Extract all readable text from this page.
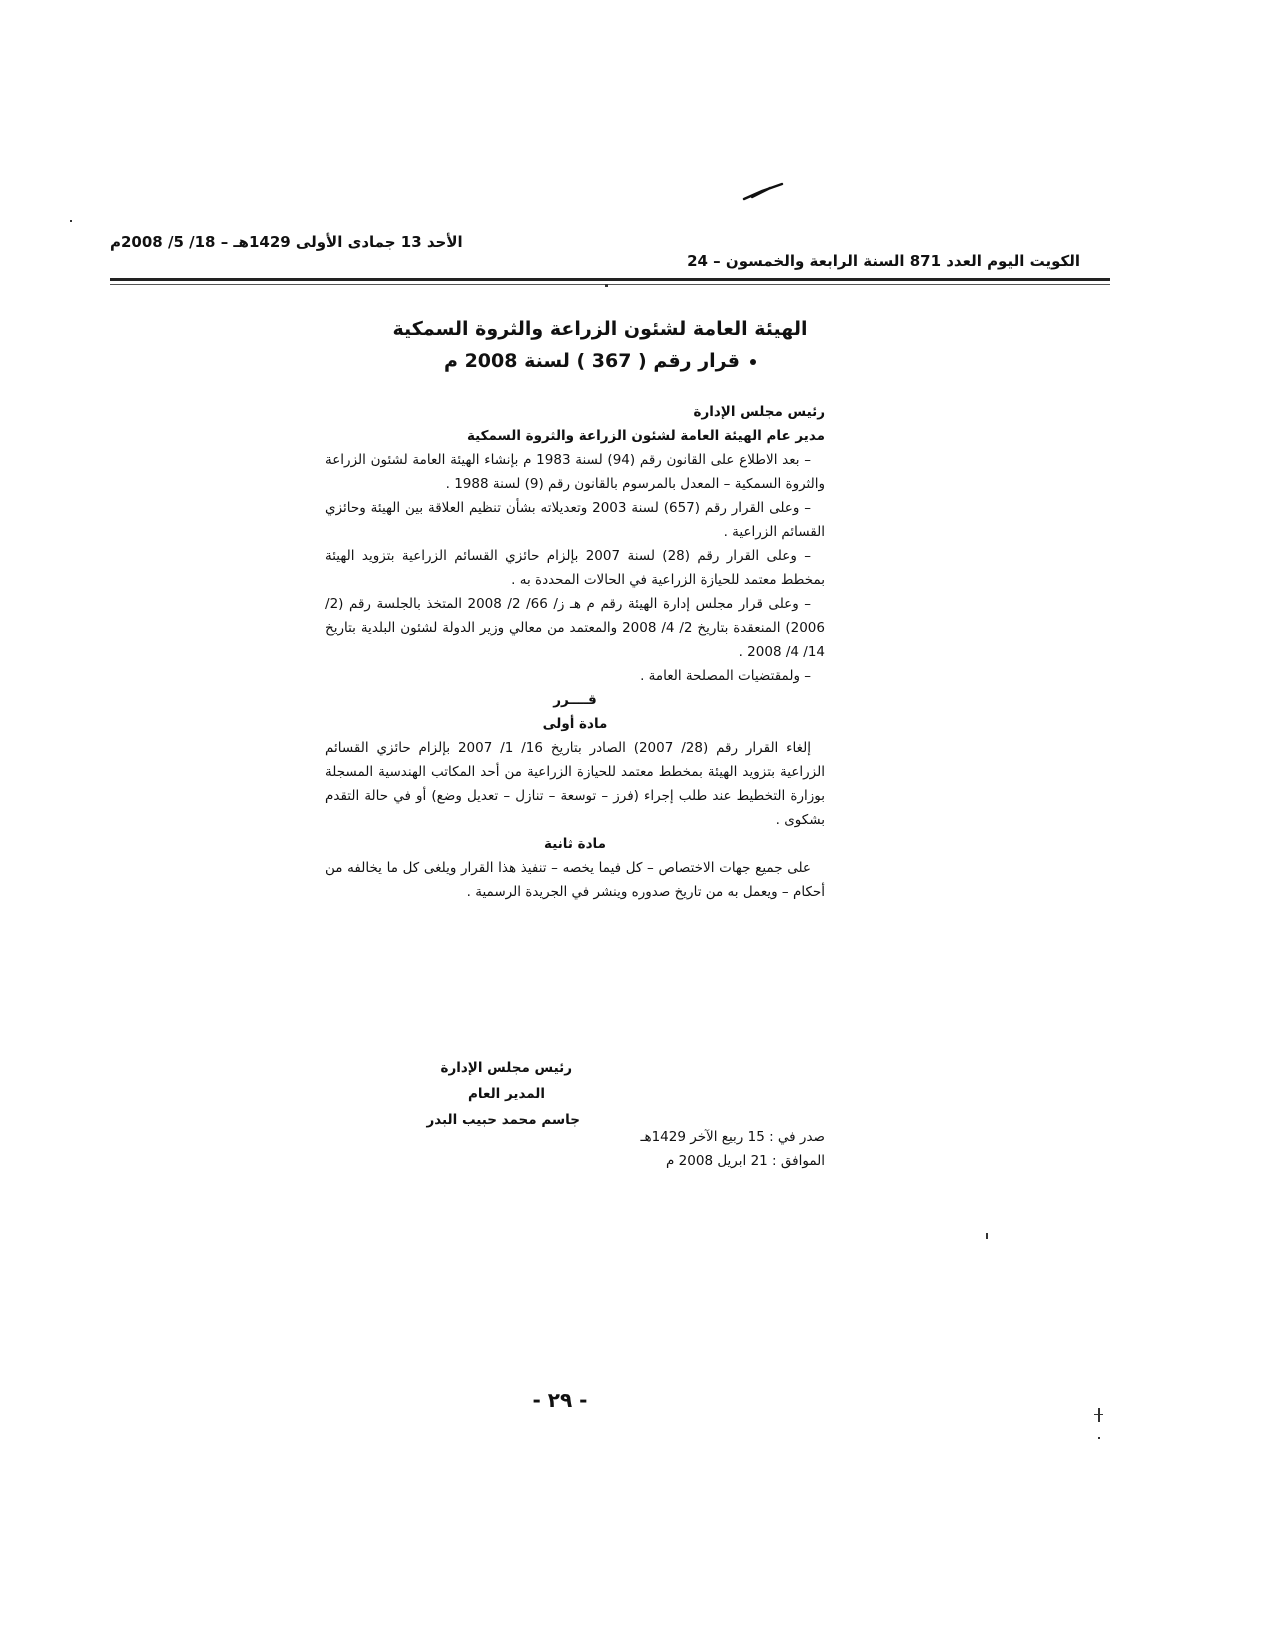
الكويت اليوم العدد 871 السنة الرابعة والخمسون – 24
الأحد 13 جمادى الأولى 1429هـ – 18/ 5/ 2008م
الهيئة العامة لشئون الزراعة والثروة السمكية
قرار رقم ( 367 ) لسنة 2008 م

رئيس مجلس الإدارة

مدير عام الهيئة العامة لشئون الزراعة والثروة السمكية

– بعد الاطلاع على القانون رقم (94) لسنة 1983 م بإنشاء الهيئة العامة لشئون الزراعة والثروة السمكية – المعدل بالمرسوم بالقانون رقم (9) لسنة 1988 .

– وعلى القرار رقم (657) لسنة 2003 وتعديلاته بشأن تنظيم العلاقة بين الهيئة وحائزي القسائم الزراعية .

– وعلى القرار رقم (28) لسنة 2007 بإلزام حائزي القسائم الزراعية بتزويد الهيئة بمخطط معتمد للحيازة الزراعية في الحالات المحددة به .

– وعلى قرار مجلس إدارة الهيئة رقم م هـ ز/ 66/ 2/ 2008 المتخذ بالجلسة رقم (2/ 2006) المنعقدة بتاريخ 2/ 4/ 2008 والمعتمد من معالي وزير الدولة لشئون البلدية بتاريخ 14/ 4/ 2008 .

– ولمقتضيات المصلحة العامة .

قــــرر

مادة أولى

إلغاء القرار رقم (28/ 2007) الصادر بتاريخ 16/ 1/ 2007 بإلزام حائزي القسائم الزراعية بتزويد الهيئة بمخطط معتمد للحيازة الزراعية من أحد المكاتب الهندسية المسجلة بوزارة التخطيط عند طلب إجراء (فرز – توسعة – تنازل – تعديل وضع) أو في حالة التقدم بشكوى .

مادة ثانية

على جميع جهات الاختصاص – كل فيما يخصه – تنفيذ هذا القرار ويلغى كل ما يخالفه من أحكام – ويعمل به من تاريخ صدوره وينشر في الجريدة الرسمية .

رئيس مجلس الإدارة
المدير العام
جاسم محمد حبيب البدر
صدر في : 15 ربيع الآخر 1429هـ
الموافق : 21 ابريل 2008 م
- ٢٩ -
